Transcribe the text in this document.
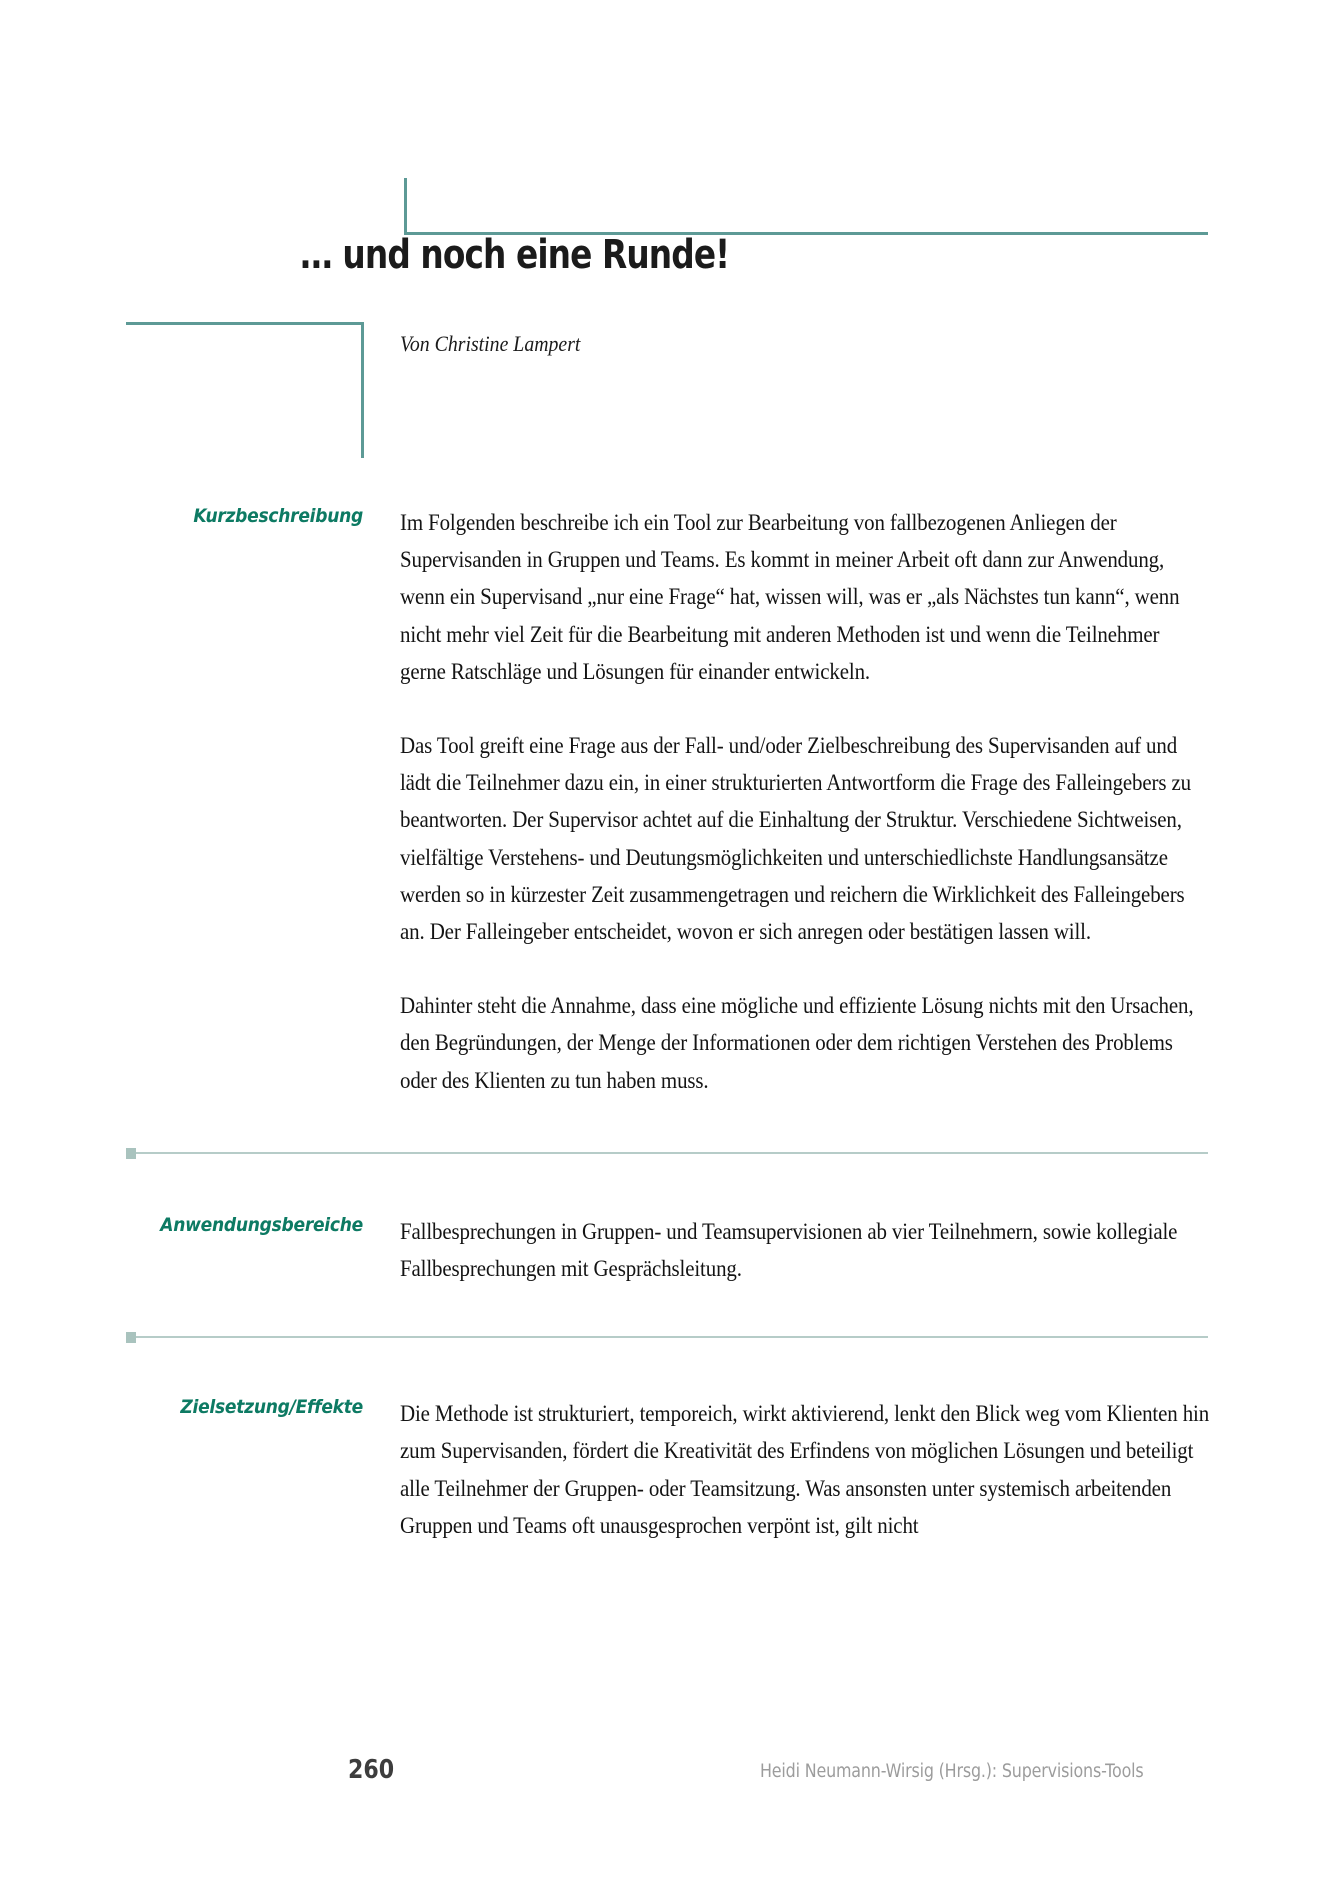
… und noch eine Runde!
Von Christine Lampert
Kurzbeschreibung Im Folgenden beschreibe ich ein Tool zur Bearbeitung von fallbezogenen Anliegen der Supervisanden in Gruppen und Teams. Es kommt in meiner Arbeit oft dann zur Anwendung, wenn ein Supervisand „nur eine Frage“ hat, wissen will, was er „als Nächstes tun kann“, wenn nicht mehr viel Zeit für die Bearbeitung mit anderen Methoden ist und wenn die Teilnehmer gerne Ratschläge und Lösungen für einander entwickeln.

Das Tool greift eine Frage aus der Fall- und/oder Zielbeschreibung des Supervisanden auf und lädt die Teilnehmer dazu ein, in einer strukturierten Antwortform die Frage des Falleingebers zu beantworten. Der Supervisor achtet auf die Einhaltung der Struktur. Verschiedene Sichtweisen, vielfältige Verstehens- und Deutungsmöglichkeiten und unterschiedlichste Handlungsansätze werden so in kürzester Zeit zusammengetragen und reichern die Wirklichkeit des Falleingebers an. Der Falleingeber entscheidet, wovon er sich anregen oder bestätigen lassen will.

Dahinter steht die Annahme, dass eine mögliche und effiziente Lösung nichts mit den Ursachen, den Begründungen, der Menge der Informationen oder dem richtigen Verstehen des Problems oder des Klienten zu tun haben muss.

Anwendungsbereiche Fallbesprechungen in Gruppen- und Teamsupervisionen ab vier Teilnehmern, sowie kollegiale Fallbesprechungen mit Gesprächsleitung.

Zielsetzung/Effekte Die Methode ist strukturiert, temporeich, wirkt aktivierend, lenkt den Blick weg vom Klienten hin zum Supervisanden, fördert die Kreativität des Erfindens von möglichen Lösungen und beteiligt alle Teilnehmer der Gruppen- oder Teamsitzung. Was ansonsten unter systemisch arbeitenden Gruppen und Teams oft unausgesprochen verpönt ist, gilt nicht

260	Heidi Neumann-Wirsig (Hrsg.): Supervisions-Tools
